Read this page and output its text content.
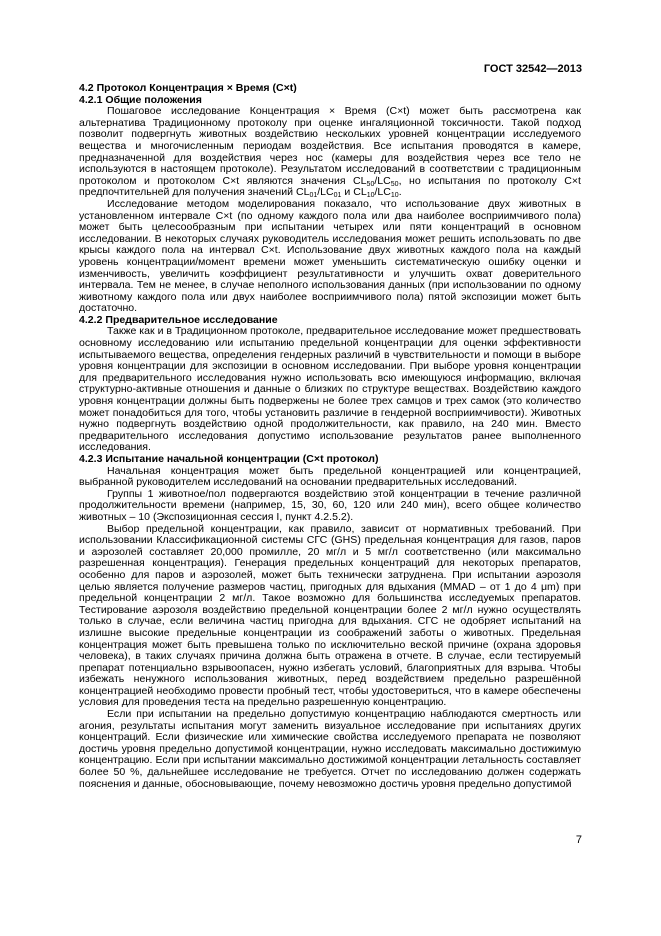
ГОСТ 32542—2013
4.2 Протокол Концентрация × Время (С×t)
4.2.1 Общие положения

Пошаговое исследование Концентрация × Время (С×t) может быть рассмотрена как альтернатива Традиционному протоколу при оценке ингаляционной токсичности. Такой подход позволит подвергнуть животных воздействию нескольких уровней концентрации исследуемого вещества и многочисленным периодам воздействия. Все испытания проводятся в камере, предназначенной для воздействия через нос (камеры для воздействия через все тело не используются в настоящем протоколе). Результатом исследований в соответствии с традиционным протоколом и протоколом С×t являются значения $CL_{50}/LC_{50}$, но испытания по протоколу С×t предпочтительней для получения значений $CL_{01}/LC_{01}$ и $CL_{10}/LC_{10}$.

Исследование методом моделирования показало, что использование двух животных в установленном интервале С×t (по одному каждого пола или два наиболее восприимчивого пола) может быть целесообразным при испытании четырех или пяти концентраций в основном исследовании. В некоторых случаях руководитель исследования может решить использовать по две крысы каждого пола на интервал С×t. Использование двух животных каждого пола на каждый уровень концентрации/момент времени может уменьшить систематическую ошибку оценки и изменчивость, увеличить коэффициент результативности и улучшить охват доверительного интервала. Тем не менее, в случае неполного использования данных (при использовании по одному животному каждого пола или двух наиболее восприимчивого пола) пятой экспозиции может быть достаточно.

4.2.2 Предварительное исследование

Также как и в Традиционном протоколе, предварительное исследование может предшествовать основному исследованию или испытанию предельной концентрации для оценки эффективности испытываемого вещества, определения гендерных различий в чувствительности и помощи в выборе уровня концентрации для экспозиции в основном исследовании. При выборе уровня концентрации для предварительного исследования нужно использовать всю имеющуюся информацию, включая структурно-активные отношения и данные о близких по структуре веществах. Воздействию каждого уровня концентрации должны быть подвержены не более трех самцов и трех самок (это количество может понадобиться для того, чтобы установить различие в гендерной восприимчивости). Животных нужно подвергнуть воздействию одной продолжительности, как правило, на 240 мин. Вместо предварительного исследования допустимо использование результатов ранее выполненного исследования.

4.2.3 Испытание начальной концентрации (С×t протокол)

Начальная концентрация может быть предельной концентрацией или концентрацией, выбранной руководителем исследований на основании предварительных исследований.

Группы 1 животное/пол подвергаются воздействию этой концентрации в течение различной продолжительности времени (например, 15, 30, 60, 120 или 240 мин), всего общее количество животных – 10 (Экспозиционная сессия I, пункт 4.2.5.2).

Выбор предельной концентрации, как правило, зависит от нормативных требований. При использовании Классификационной системы СГС (GHS) предельная концентрация для газов, паров и аэрозолей составляет 20,000 промилле, 20 мг/л и 5 мг/л соответственно (или максимально разрешенная концентрация). Генерация предельных концентраций для некоторых препаратов, особенно для паров и аэрозолей, может быть технически затруднена. При испытании аэрозоля целью является получение размеров частиц, пригодных для вдыхания (MMAD – от 1 до 4 μm) при предельной концентрации 2 мг/л. Такое возможно для большинства исследуемых препаратов. Тестирование аэрозоля воздействию предельной концентрации более 2 мг/л нужно осуществлять только в случае, если величина частиц пригодна для вдыхания. СГС не одобряет испытаний на излишне высокие предельные концентрации из соображений заботы о животных. Предельная концентрация может быть превышена только по исключительно веской причине (охрана здоровья человека), в таких случаях причина должна быть отражена в отчете. В случае, если тестируемый препарат потенциально взрывоопасен, нужно избегать условий, благоприятных для взрыва. Чтобы избежать ненужного использования животных, перед воздействием предельно разрешённой концентрацией необходимо провести пробный тест, чтобы удостовериться, что в камере обеспечены условия для проведения теста на предельно разрешенную концентрацию.

Если при испытании на предельно допустимую концентрацию наблюдаются смертность или агония, результаты испытания могут заменить визуальное исследование при испытаниях других концентраций. Если физические или химические свойства исследуемого препарата не позволяют достичь уровня предельно допустимой концентрации, нужно исследовать максимально достижимую концентрацию. Если при испытании максимально достижимой концентрации летальность составляет более 50 %, дальнейшее исследование не требуется. Отчет по исследованию должен содержать пояснения и данные, обосновывающие, почему невозможно достичь уровня предельно допустимой

7
